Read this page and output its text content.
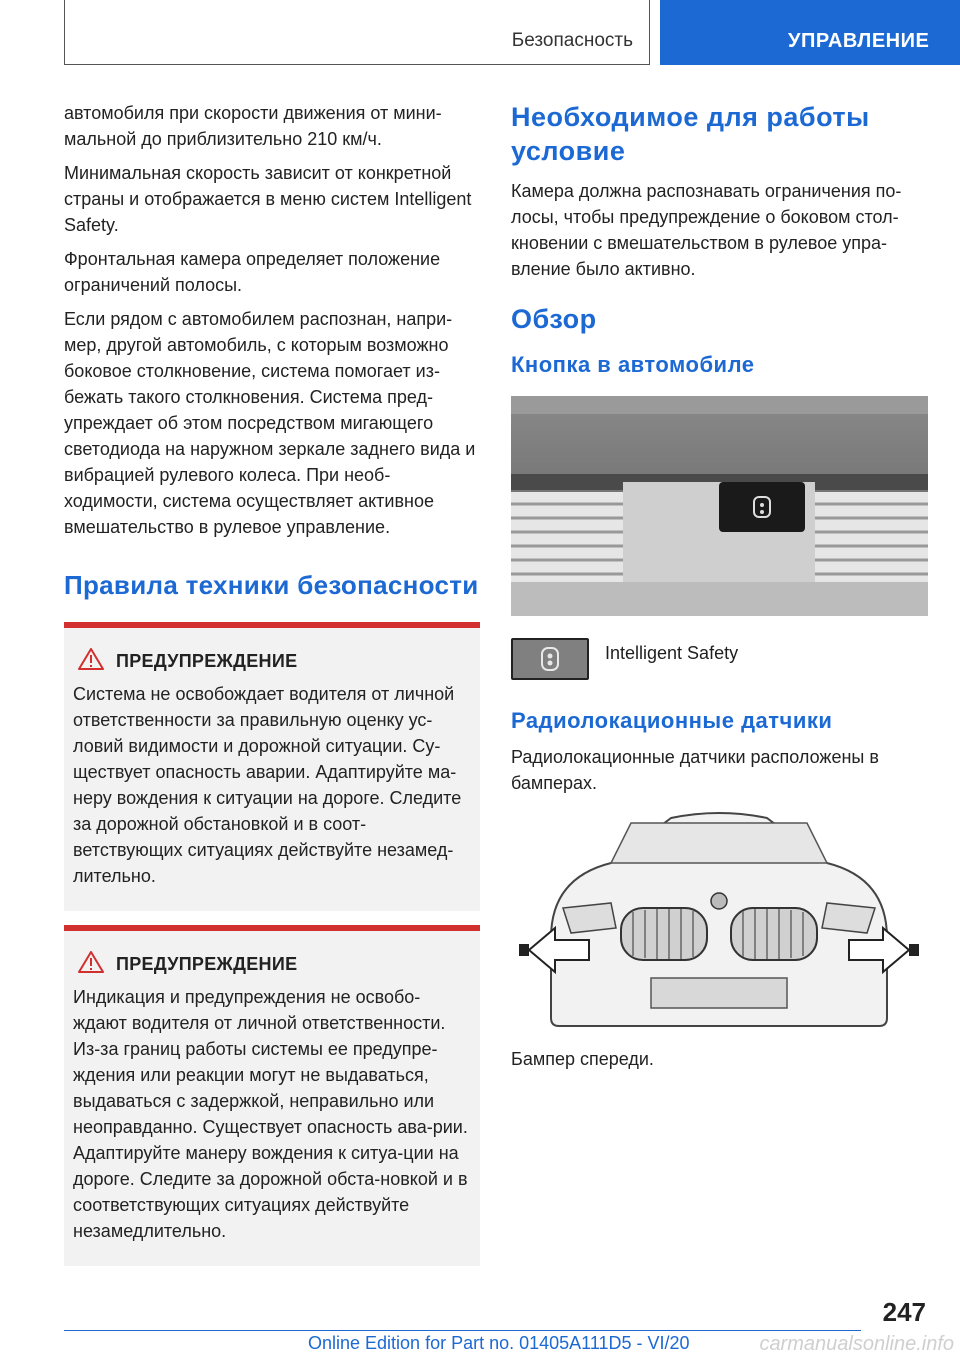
Безопасность	УПРАВЛЕНИЕ

автомобиля при скорости движения от мини-мальной до приблизительно 210 км/ч.

Минимальная скорость зависит от конкретной страны и отображается в меню систем Intelligent Safety.

Фронтальная камера определяет положение ограничений полосы.

Если рядом с автомобилем распознан, напри-мер, другой автомобиль, с которым возможно боковое столкновение, система помогает из-бежать такого столкновения. Система пред-упреждает об этом посредством мигающего светодиода на наружном зеркале заднего вида и вибрацией рулевого колеса. При необ-ходимости, система осуществляет активное вмешательство в рулевое управление.

Правила техники безопасности
ПРЕДУПРЕЖДЕНИЕ

Система не освобождает водителя от личной ответственности за правильную оценку ус-ловий видимости и дорожной ситуации. Су-ществует опасность аварии. Адаптируйте ма-неру вождения к ситуации на дороге. Следите за дорожной обстановкой и в соот-ветствующих ситуациях действуйте незамед-лительно.

ПРЕДУПРЕЖДЕНИЕ

Индикация и предупреждения не освобо-ждают водителя от личной ответственности. Из-за границ работы системы ее предупре-ждения или реакции могут не выдаваться, выдаваться с задержкой, неправильно или неоправданно. Существует опасность ава-рии. Адаптируйте манеру вождения к ситуа-ции на дороге. Следите за дорожной обста-новкой и в соответствующих ситуациях действуйте незамедлительно.

Необходимое для работы условие

Камера должна распознавать ограничения по-лосы, чтобы предупреждение о боковом стол-кновении с вмешательством в рулевое упра-вление было активно.

Обзор
Кнопка в автомобиле
Intelligent Safety
Радиолокационные датчики

Радиолокационные датчики расположены в бамперах.

Бампер спереди.

247
Online Edition for Part no. 01405A111D5 - VI/20	carmanualsonline.info
